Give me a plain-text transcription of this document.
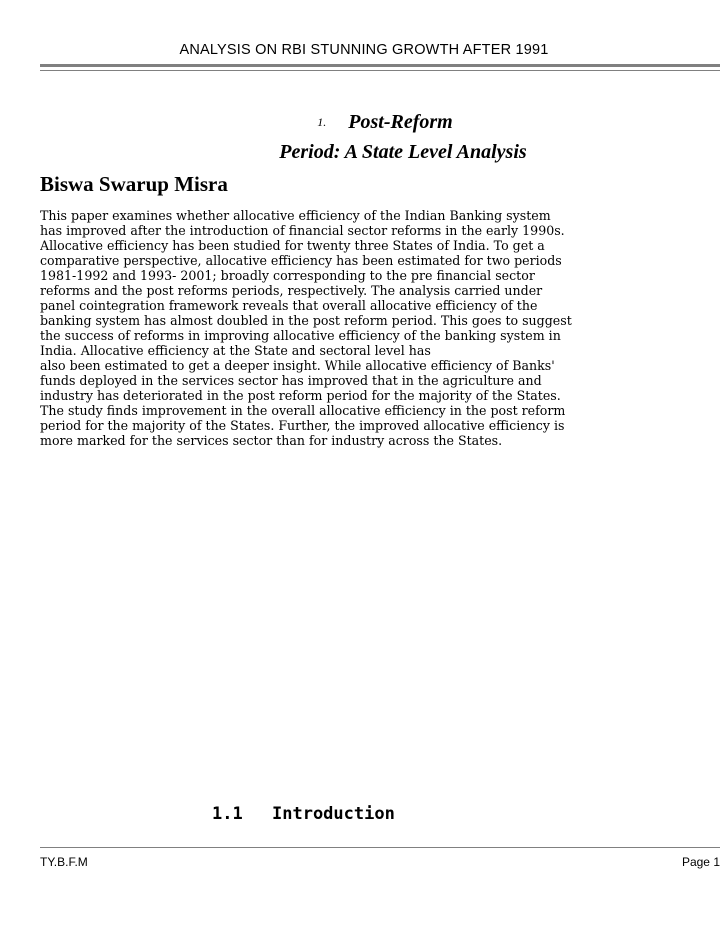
ANALYSIS ON RBI STUNNING GROWTH AFTER 1991
1. Post-Reform
Period: A State Level Analysis
Biswa Swarup Misra
This paper examines whether allocative efficiency of the Indian Banking system
has improved after the introduction of financial sector reforms in the early 1990s.
Allocative efficiency has been studied for twenty three States of India. To get a
comparative perspective, allocative efficiency has been estimated for two periods
1981-1992 and 1993- 2001; broadly corresponding to the pre financial sector
reforms and the post reforms periods, respectively. The analysis carried under
panel cointegration framework reveals that overall allocative efficiency of the
banking system has almost doubled in the post reform period. This goes to suggest
the success of reforms in improving allocative efficiency of the banking system in
India. Allocative efficiency at the State and sectoral level has
also been estimated to get a deeper insight. While allocative efficiency of Banks'
funds deployed in the services sector has improved that in the agriculture and
industry has deteriorated in the post reform period for the majority of the States.
The study finds improvement in the overall allocative efficiency in the post reform
period for the majority of the States. Further, the improved allocative efficiency is
more marked for the services sector than for industry across the States.
1.1 Introduction
TY.B.F.M	Page 1
